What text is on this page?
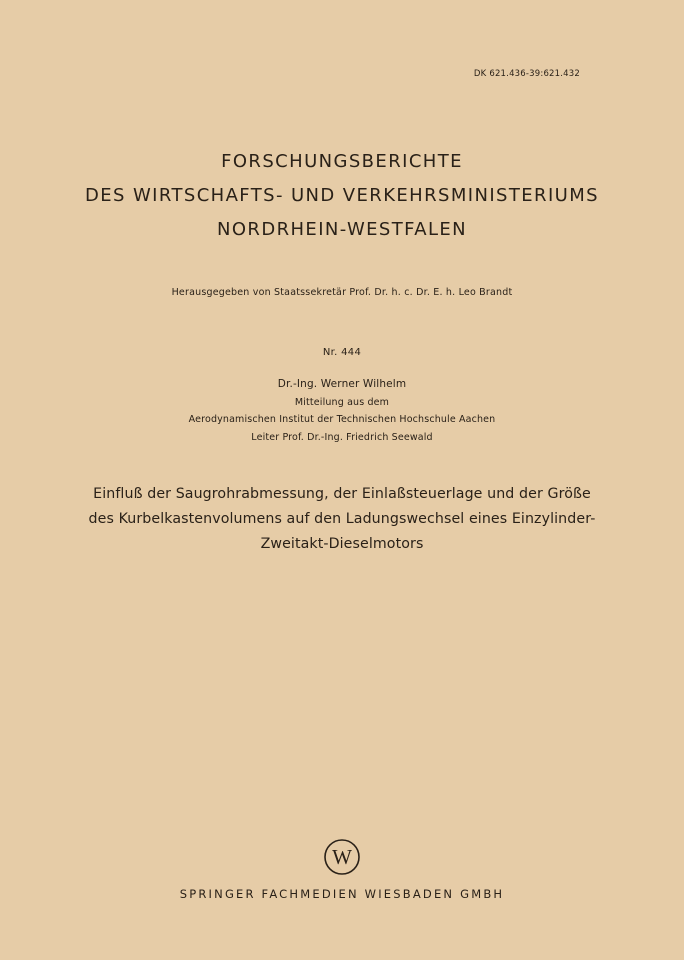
DK 621.436-39:621.432
FORSCHUNGSBERICHTE
DES WIRTSCHAFTS- UND VERKEHRSMINISTERIUMS
NORDRHEIN-WESTFALEN
Herausgegeben von Staatssekretär Prof. Dr. h. c. Dr. E. h. Leo Brandt
Nr. 444
Dr.-Ing. Werner Wilhelm
Mitteilung aus dem
Aerodynamischen Institut der Technischen Hochschule Aachen
Leiter Prof. Dr.-Ing. Friedrich Seewald
Einfluß der Saugrohrabmessung, der Einlaßsteuerlage und der Größe
des Kurbelkastenvolumens auf den Ladungswechsel eines Einzylinder-
Zweitakt-Dieselmotors
W
SPRINGER FACHMEDIEN WIESBADEN GMBH
